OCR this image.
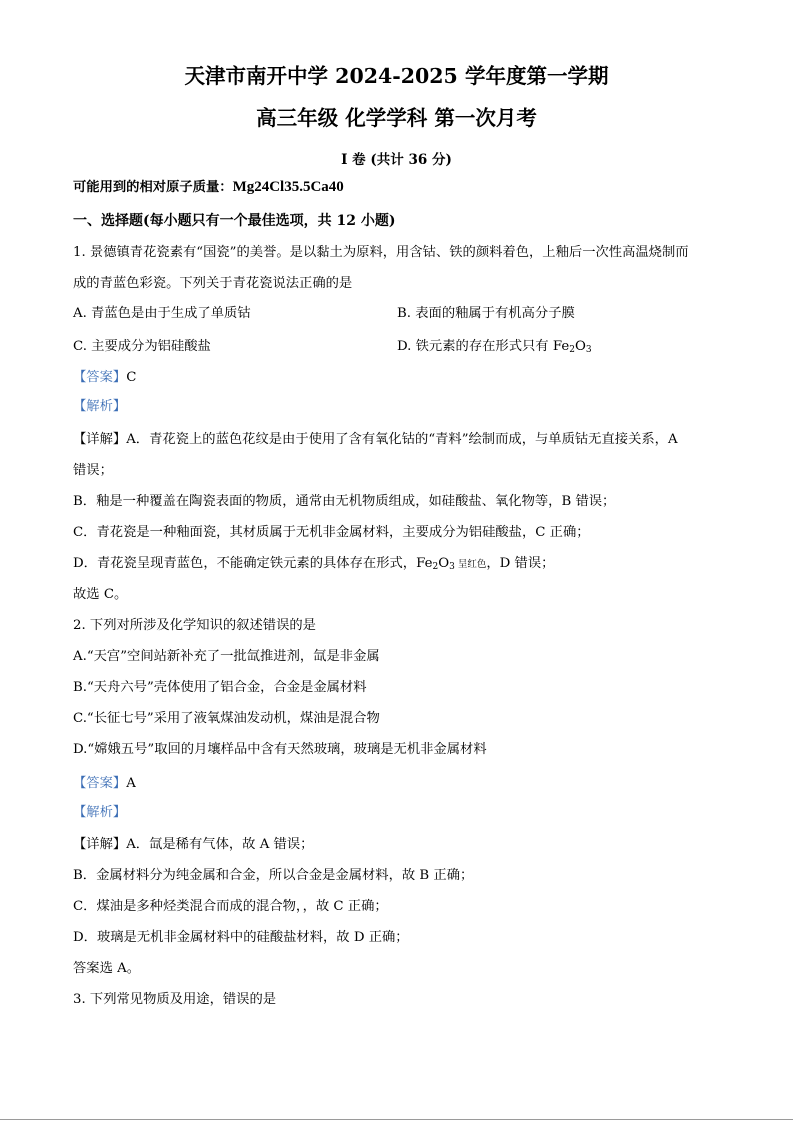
天津市南开中学 2024-2025 学年度第一学期
高三年级 化学学科 第一次月考
I 卷 (共计 36 分)
可能用到的相对原子质量：Mg24Cl35.5Ca40
一、选择题(每小题只有一个最佳选项，共 12 小题)
1. 景德镇青花瓷素有“国瓷”的美誉。是以黏土为原料，用含钴、铁的颜料着色，上釉后一次性高温烧制而
成的青蓝色彩瓷。下列关于青花瓷说法正确的是
A. 青蓝色是由于生成了单质钴	B. 表面的釉属于有机高分子膜
C. 主要成分为铝硅酸盐	D. 铁元素的存在形式只有 $Fe_2O_3$
【答案】C
【解析】
【详解】A．青花瓷上的蓝色花纹是由于使用了含有氧化钴的“青料”绘制而成，与单质钴无直接关系，A
错误；
B．釉是一种覆盖在陶瓷表面的物质，通常由无机物质组成，如硅酸盐、氧化物等，B 错误；
C．青花瓷是一种釉面瓷，其材质属于无机非金属材料，主要成分为铝硅酸盐，C 正确；
D．青花瓷呈现青蓝色，不能确定铁元素的具体存在形式，$Fe_2O_3$ 呈红色，D 错误；
故选 C。
2. 下列对所涉及化学知识的叙述错误的是
A.“天宫”空间站新补充了一批氙推进剂，氙是非金属
B.“天舟六号”壳体使用了铝合金，合金是金属材料
C.“长征七号”采用了液氧煤油发动机，煤油是混合物
D.“嫦娥五号”取回的月壤样品中含有天然玻璃，玻璃是无机非金属材料
【答案】A
【解析】
【详解】A．氙是稀有气体，故 A 错误；
B．金属材料分为纯金属和合金，所以合金是金属材料，故 B 正确；
C．煤油是多种烃类混合而成的混合物，，故 C 正确；
D．玻璃是无机非金属材料中的硅酸盐材料，故 D 正确；
答案选 A。
3. 下列常见物质及用途，错误的是
